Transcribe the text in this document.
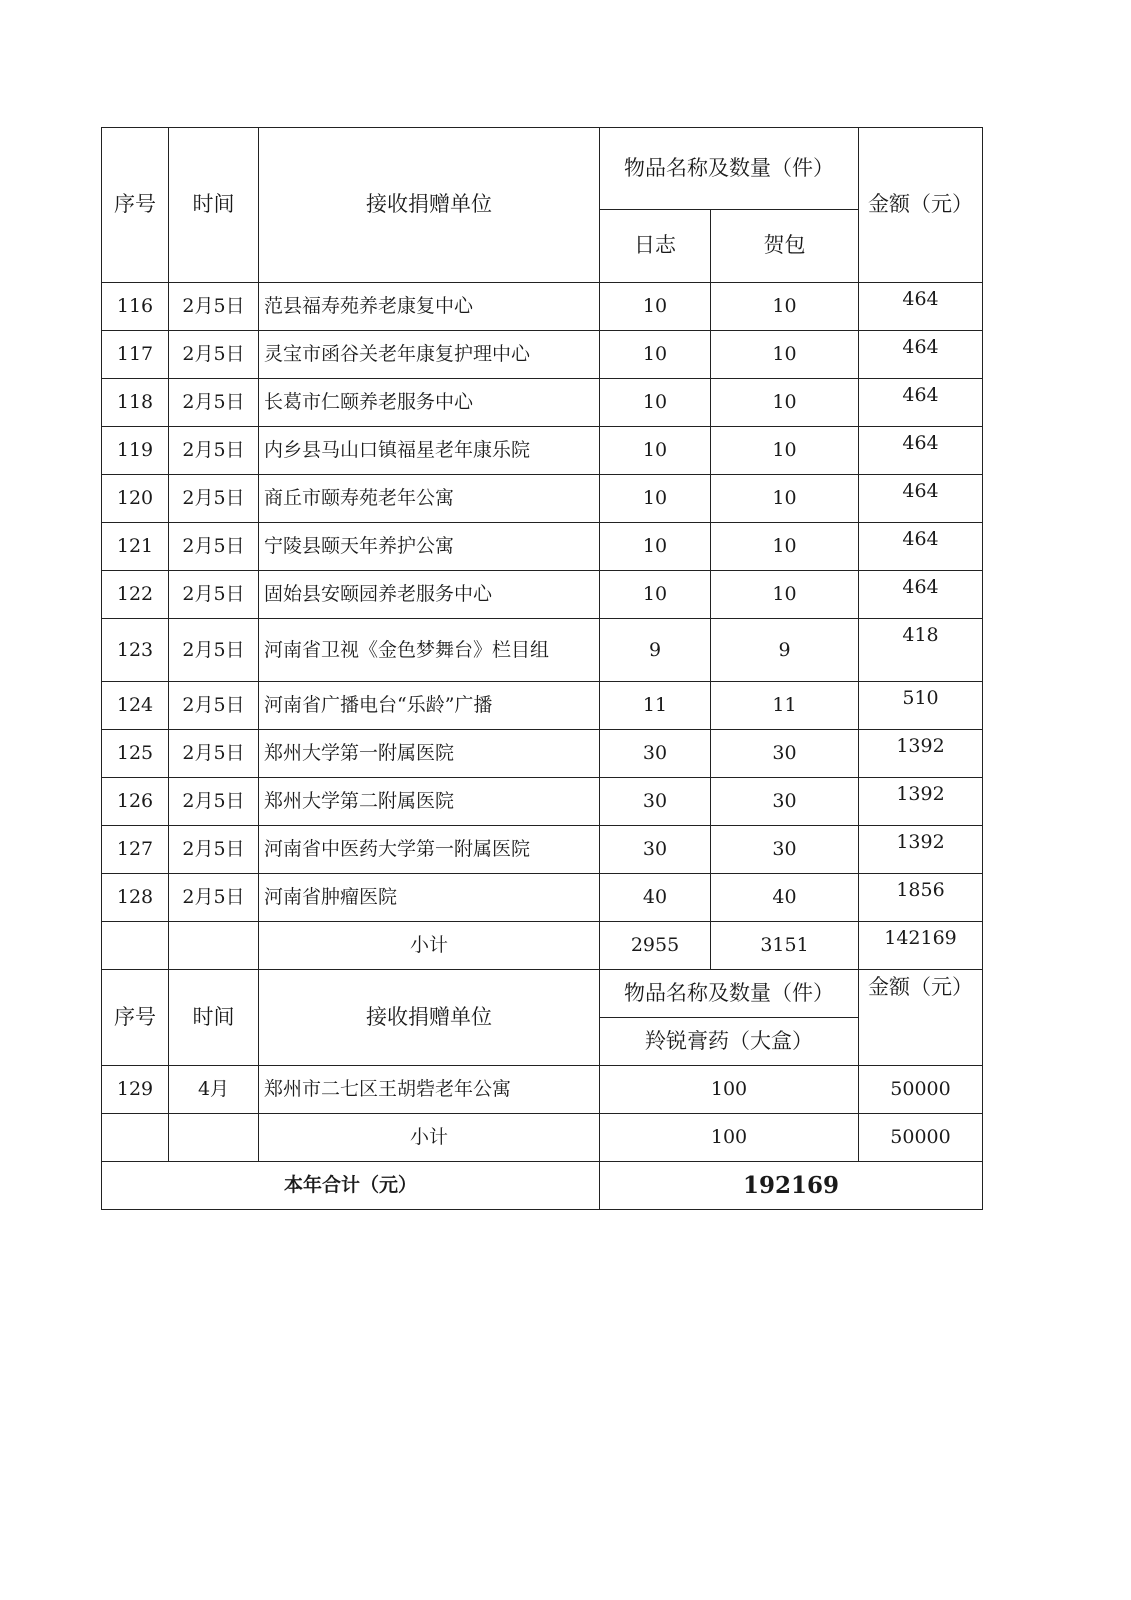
序号	时间	接收捐赠单位	物品名称及数量（件）		金额（元）
			日志	贺包	
116	2月5日	范县福寿苑养老康复中心	10	10	464
117	2月5日	灵宝市函谷关老年康复护理中心	10	10	464
118	2月5日	长葛市仁颐养老服务中心	10	10	464
119	2月5日	内乡县马山口镇福星老年康乐院	10	10	464
120	2月5日	商丘市颐寿苑老年公寓	10	10	464
121	2月5日	宁陵县颐天年养护公寓	10	10	464
122	2月5日	固始县安颐园养老服务中心	10	10	464
123	2月5日	河南省卫视《金色梦舞台》栏目组	9	9	418
124	2月5日	河南省广播电台“乐龄”广播	11	11	510
125	2月5日	郑州大学第一附属医院	30	30	1392
126	2月5日	郑州大学第二附属医院	30	30	1392
127	2月5日	河南省中医药大学第一附属医院	30	30	1392
128	2月5日	河南省肿瘤医院	40	40	1856
		小计	2955	3151	142169
序号	时间	接收捐赠单位	物品名称及数量（件）		金额（元）
			羚锐膏药（大盒）		
129	4月	郑州市二七区王胡砦老年公寓	100		50000
		小计	100		50000
本年合计（元）			192169		
